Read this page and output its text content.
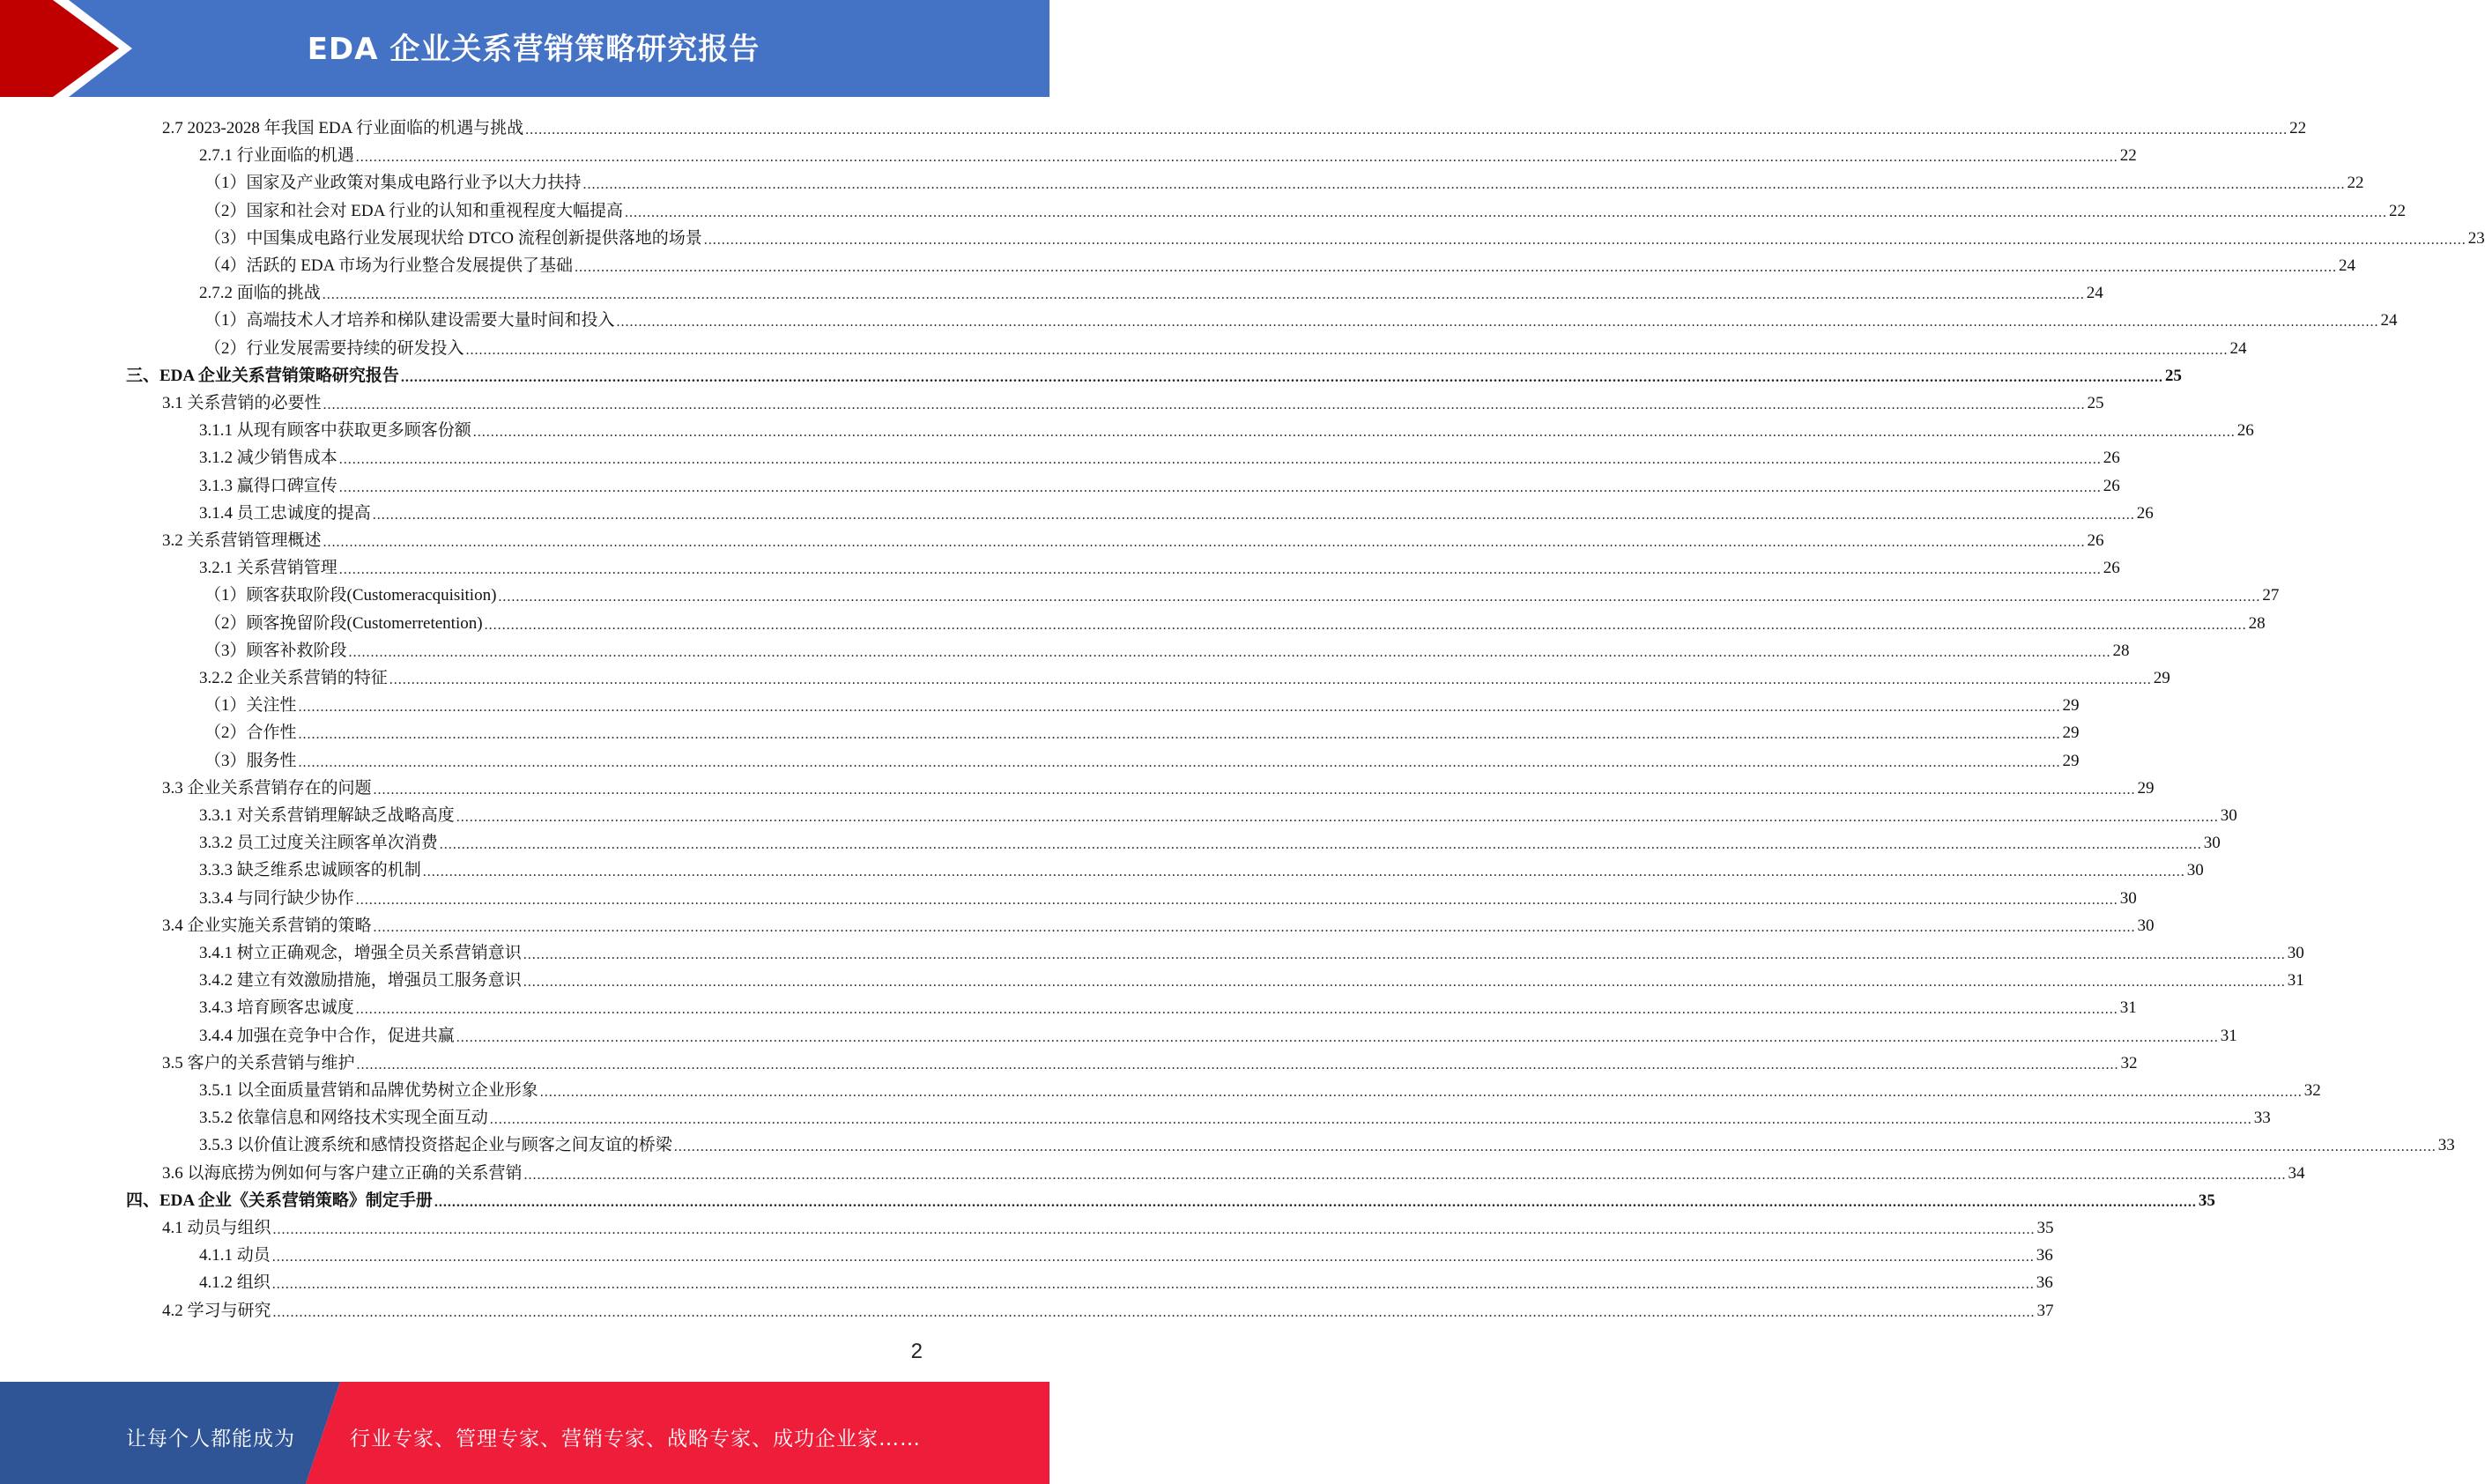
EDA 企业关系营销策略研究报告
2.7 2023-2028 年我国 EDA 行业面临的机遇与挑战 ................................................................................................................................................................................................................................................................................................................................................................................................................ 22
2.7.1 行业面临的机遇 ................................................................................................................................................................................................................................................................................................................................................................................................................ 22
（1）国家及产业政策对集成电路行业予以大力扶持 ................................................................................................................................................................................................................................................................................................................................................................................................................ 22
（2）国家和社会对 EDA 行业的认知和重视程度大幅提高 ................................................................................................................................................................................................................................................................................................................................................................................................................ 22
（3）中国集成电路行业发展现状给 DTCO 流程创新提供落地的场景 ................................................................................................................................................................................................................................................................................................................................................................................................................ 23
（4）活跃的 EDA 市场为行业整合发展提供了基础 ................................................................................................................................................................................................................................................................................................................................................................................................................ 24
2.7.2 面临的挑战 ................................................................................................................................................................................................................................................................................................................................................................................................................ 24
（1）高端技术人才培养和梯队建设需要大量时间和投入 ................................................................................................................................................................................................................................................................................................................................................................................................................ 24
（2）行业发展需要持续的研发投入 ................................................................................................................................................................................................................................................................................................................................................................................................................ 24
三、EDA 企业关系营销策略研究报告 ................................................................................................................................................................................................................................................................................................................................................................................................................ 25
3.1 关系营销的必要性 ................................................................................................................................................................................................................................................................................................................................................................................................................ 25
3.1.1 从现有顾客中获取更多顾客份额 ................................................................................................................................................................................................................................................................................................................................................................................................................ 26
3.1.2 减少销售成本 ................................................................................................................................................................................................................................................................................................................................................................................................................ 26
3.1.3 赢得口碑宣传 ................................................................................................................................................................................................................................................................................................................................................................................................................ 26
3.1.4 员工忠诚度的提高 ................................................................................................................................................................................................................................................................................................................................................................................................................ 26
3.2 关系营销管理概述 ................................................................................................................................................................................................................................................................................................................................................................................................................ 26
3.2.1 关系营销管理 ................................................................................................................................................................................................................................................................................................................................................................................................................ 26
（1）顾客获取阶段(Customeracquisition) ................................................................................................................................................................................................................................................................................................................................................................................................................ 27
（2）顾客挽留阶段(Customerretention) ................................................................................................................................................................................................................................................................................................................................................................................................................ 28
（3）顾客补救阶段 ................................................................................................................................................................................................................................................................................................................................................................................................................ 28
3.2.2 企业关系营销的特征 ................................................................................................................................................................................................................................................................................................................................................................................................................ 29
（1）关注性 ................................................................................................................................................................................................................................................................................................................................................................................................................ 29
（2）合作性 ................................................................................................................................................................................................................................................................................................................................................................................................................ 29
（3）服务性 ................................................................................................................................................................................................................................................................................................................................................................................................................ 29
3.3 企业关系营销存在的问题 ................................................................................................................................................................................................................................................................................................................................................................................................................ 29
3.3.1 对关系营销理解缺乏战略高度 ................................................................................................................................................................................................................................................................................................................................................................................................................ 30
3.3.2 员工过度关注顾客单次消费 ................................................................................................................................................................................................................................................................................................................................................................................................................ 30
3.3.3 缺乏维系忠诚顾客的机制 ................................................................................................................................................................................................................................................................................................................................................................................................................ 30
3.3.4 与同行缺少协作 ................................................................................................................................................................................................................................................................................................................................................................................................................ 30
3.4 企业实施关系营销的策略 ................................................................................................................................................................................................................................................................................................................................................................................................................ 30
3.4.1 树立正确观念，增强全员关系营销意识 ................................................................................................................................................................................................................................................................................................................................................................................................................ 30
3.4.2 建立有效激励措施，增强员工服务意识 ................................................................................................................................................................................................................................................................................................................................................................................................................ 31
3.4.3 培育顾客忠诚度 ................................................................................................................................................................................................................................................................................................................................................................................................................ 31
3.4.4 加强在竞争中合作，促进共赢 ................................................................................................................................................................................................................................................................................................................................................................................................................ 31
3.5 客户的关系营销与维护 ................................................................................................................................................................................................................................................................................................................................................................................................................ 32
3.5.1 以全面质量营销和品牌优势树立企业形象 ................................................................................................................................................................................................................................................................................................................................................................................................................ 32
3.5.2 依靠信息和网络技术实现全面互动 ................................................................................................................................................................................................................................................................................................................................................................................................................ 33
3.5.3 以价值让渡系统和感情投资搭起企业与顾客之间友谊的桥梁 ................................................................................................................................................................................................................................................................................................................................................................................................................ 33
3.6 以海底捞为例如何与客户建立正确的关系营销 ................................................................................................................................................................................................................................................................................................................................................................................................................ 34
四、EDA 企业《关系营销策略》制定手册 ................................................................................................................................................................................................................................................................................................................................................................................................................ 35
4.1 动员与组织 ................................................................................................................................................................................................................................................................................................................................................................................................................ 35
4.1.1 动员 ................................................................................................................................................................................................................................................................................................................................................................................................................ 36
4.1.2 组织 ................................................................................................................................................................................................................................................................................................................................................................................................................ 36
4.2 学习与研究 ................................................................................................................................................................................................................................................................................................................................................................................................................ 37
2
让每个人都能成为	行业专家、管理专家、营销专家、战略专家、成功企业家……
